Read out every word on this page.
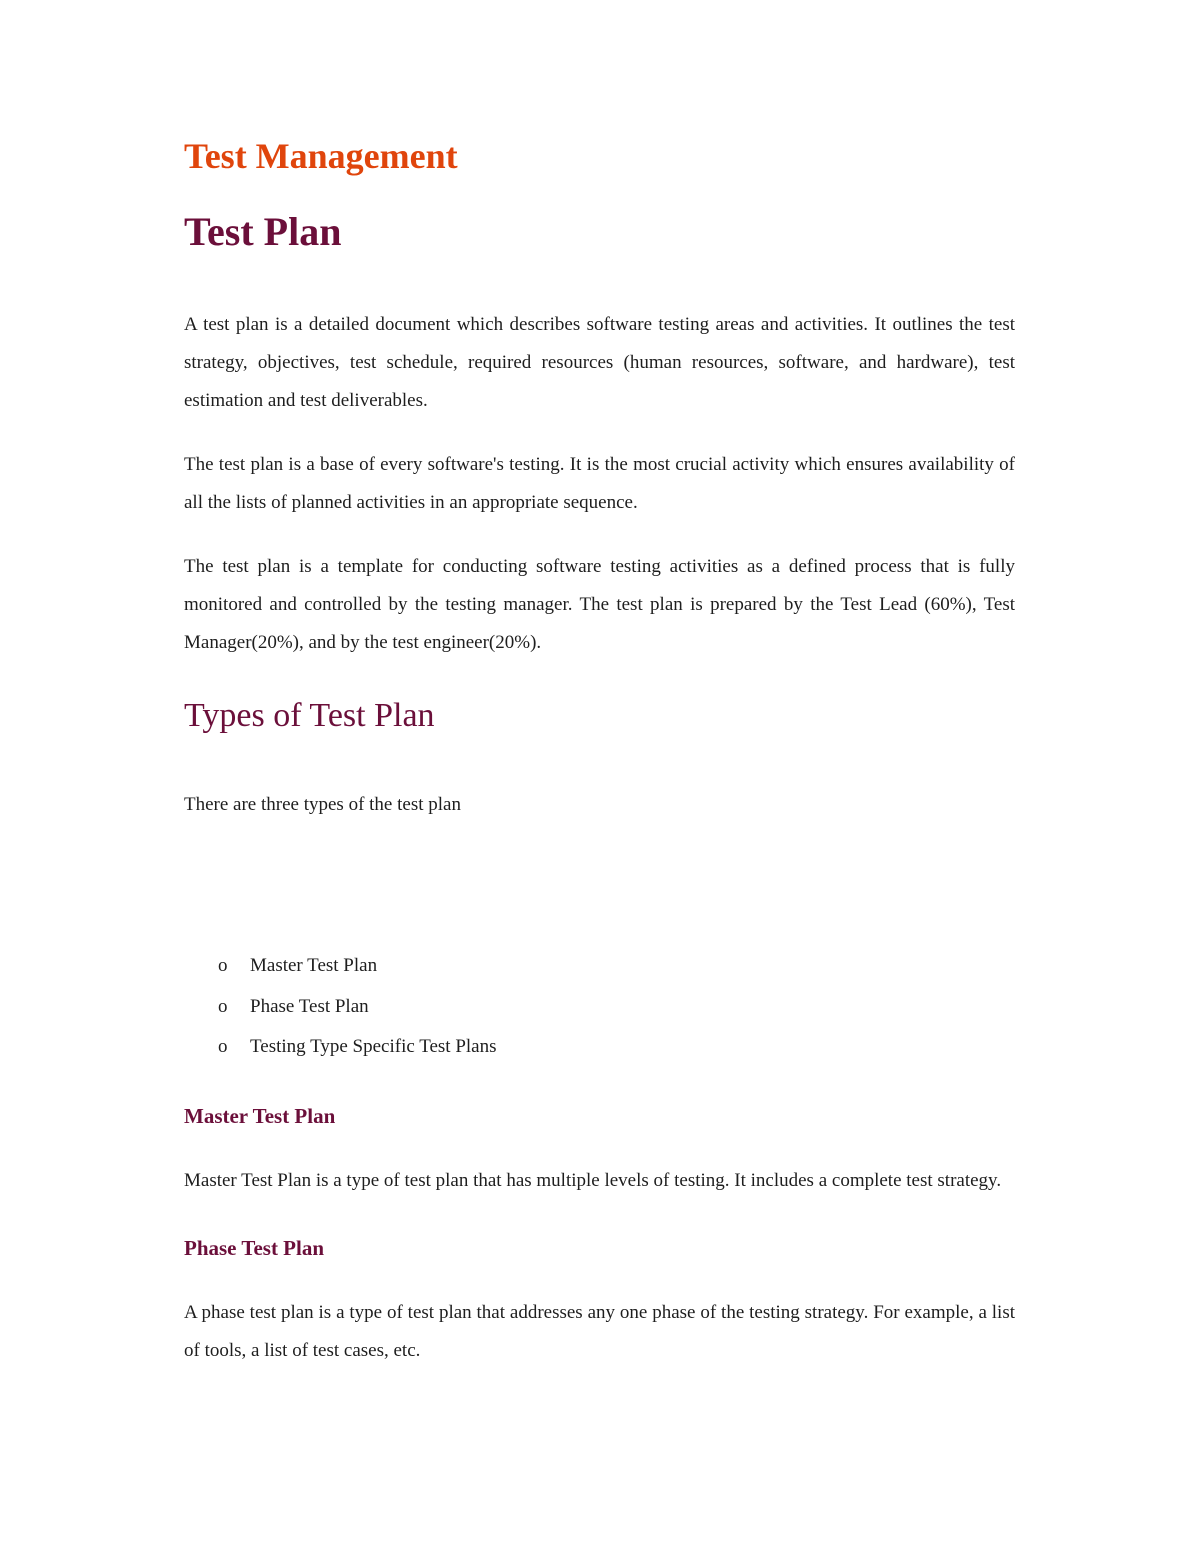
Test Management
Test Plan

A test plan is a detailed document which describes software testing areas and activities. It outlines the test strategy, objectives, test schedule, required resources (human resources, software, and hardware), test estimation and test deliverables.

The test plan is a base of every software's testing. It is the most crucial activity which ensures availability of all the lists of planned activities in an appropriate sequence.

The test plan is a template for conducting software testing activities as a defined process that is fully monitored and controlled by the testing manager. The test plan is prepared by the Test Lead (60%), Test Manager(20%), and by the test engineer(20%).

Types of Test Plan

There are three types of the test plan

o Master Test Plan
o Phase Test Plan
o Testing Type Specific Test Plans
Master Test Plan

Master Test Plan is a type of test plan that has multiple levels of testing. It includes a complete test strategy.

Phase Test Plan

A phase test plan is a type of test plan that addresses any one phase of the testing strategy. For example, a list of tools, a list of test cases, etc.
